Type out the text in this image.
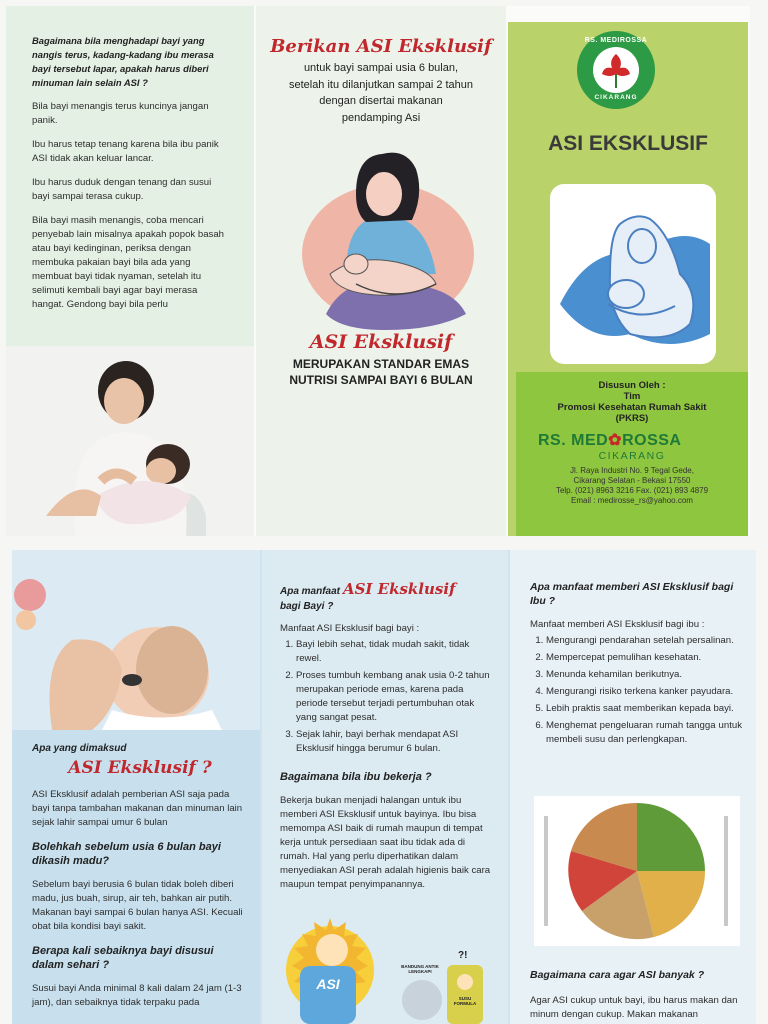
Bagaimana bila menghadapi bayi yang nangis terus, kadang-kadang ibu merasa bayi tersebut lapar, apakah harus diberi minuman lain selain ASI ?

Bila bayi menangis terus kuncinya jangan panik.

Ibu harus tetap tenang karena bila ibu panik ASI tidak akan keluar lancar.

Ibu harus duduk dengan tenang dan susui bayi sampai terasa cukup.

Bila bayi masih menangis, coba mencari penyebab lain misalnya apakah popok basah atau bayi kedinginan, periksa dengan membuka pakaian bayi bila ada yang membuat bayi tidak nyaman, setelah itu selimuti kembali bayi agar bayi merasa hangat. Gendong bayi bila perlu

Berikan ASI Eksklusif
untuk bayi sampai usia 6 bulan, setelah itu dilanjutkan sampai 2 tahun dengan disertai makanan pendamping Asi
ASI Eksklusif
MERUPAKAN STANDAR EMAS
NUTRISI SAMPAI BAYI 6 BULAN
RS. MEDIROSSA
CIKARANG
ASI EKSKLUSIF
Disusun Oleh :
Tim
Promosi Kesehatan Rumah Sakit
(PKRS)
RS. MED✿ROSSA
CIKARANG
Jl. Raya Industri No. 9 Tegal Gede,
Cikarang Selatan - Bekasi 17550
Telp. (021) 8963 3216 Fax. (021) 893 4879
Email : medirosse_rs@yahoo.com
Apa yang dimaksud
ASI Eksklusif ?

ASI Eksklusif adalah pemberian ASI saja pada bayi tanpa tambahan makanan dan minuman lain sejak lahir sampai umur 6 bulan

Bolehkah sebelum usia 6 bulan bayi dikasih madu?

Sebelum bayi berusia 6 bulan tidak boleh diberi madu, jus buah, sirup, air teh, bahkan air putih. Makanan bayi sampai 6 bulan hanya ASI. Kecuali obat bila kondisi bayi sakit.

Berapa kali sebaiknya bayi disusui dalam sehari ?

Susui bayi Anda minimal 8 kali dalam 24 jam (1-3 jam), dan sebaiknya tidak terpaku pada

Apa manfaat ASI Eksklusif
bagi Bayi ?

Manfaat ASI Eksklusif bagi bayi :

1. Bayi lebih sehat, tidak mudah sakit, tidak rewel.
2. Proses tumbuh kembang anak usia 0-2 tahun merupakan periode emas, karena pada periode tersebut terjadi pertumbuhan otak yang sangat pesat.
3. Sejak lahir, bayi berhak mendapat ASI Eksklusif hingga berumur 6 bulan.

Bagaimana bila ibu bekerja ?

Bekerja bukan menjadi halangan untuk ibu memberi ASI Eksklusif untuk bayinya. Ibu bisa memompa ASI baik di rumah maupun di tempat kerja untuk persediaan saat ibu tidak ada di rumah. Hal yang perlu diperhatikan dalam menyediakan ASI perah adalah higienis baik cara maupun tempat penyimpanannya.

ASI
BANDUNG ANTIK LENGKAPI
SUSU FORMULA
?!

Apa manfaat memberi ASI Eksklusif bagi Ibu ?

Manfaat memberi ASI Eksklusif bagi ibu :

1. Mengurangi pendarahan setelah persalinan.
2. Mempercepat pemulihan kesehatan.
3. Menunda kehamilan berikutnya.
4. Mengurangi risiko terkena kanker payudara.
5. Lebih praktis saat memberikan kepada bayi.
6. Menghemat pengeluaran rumah tangga untuk membeli susu dan perlengkapan.

Bagaimana cara agar ASI banyak ?

Agar ASI cukup untuk bayi, ibu harus makan dan minum dengan cukup. Makan makanan
